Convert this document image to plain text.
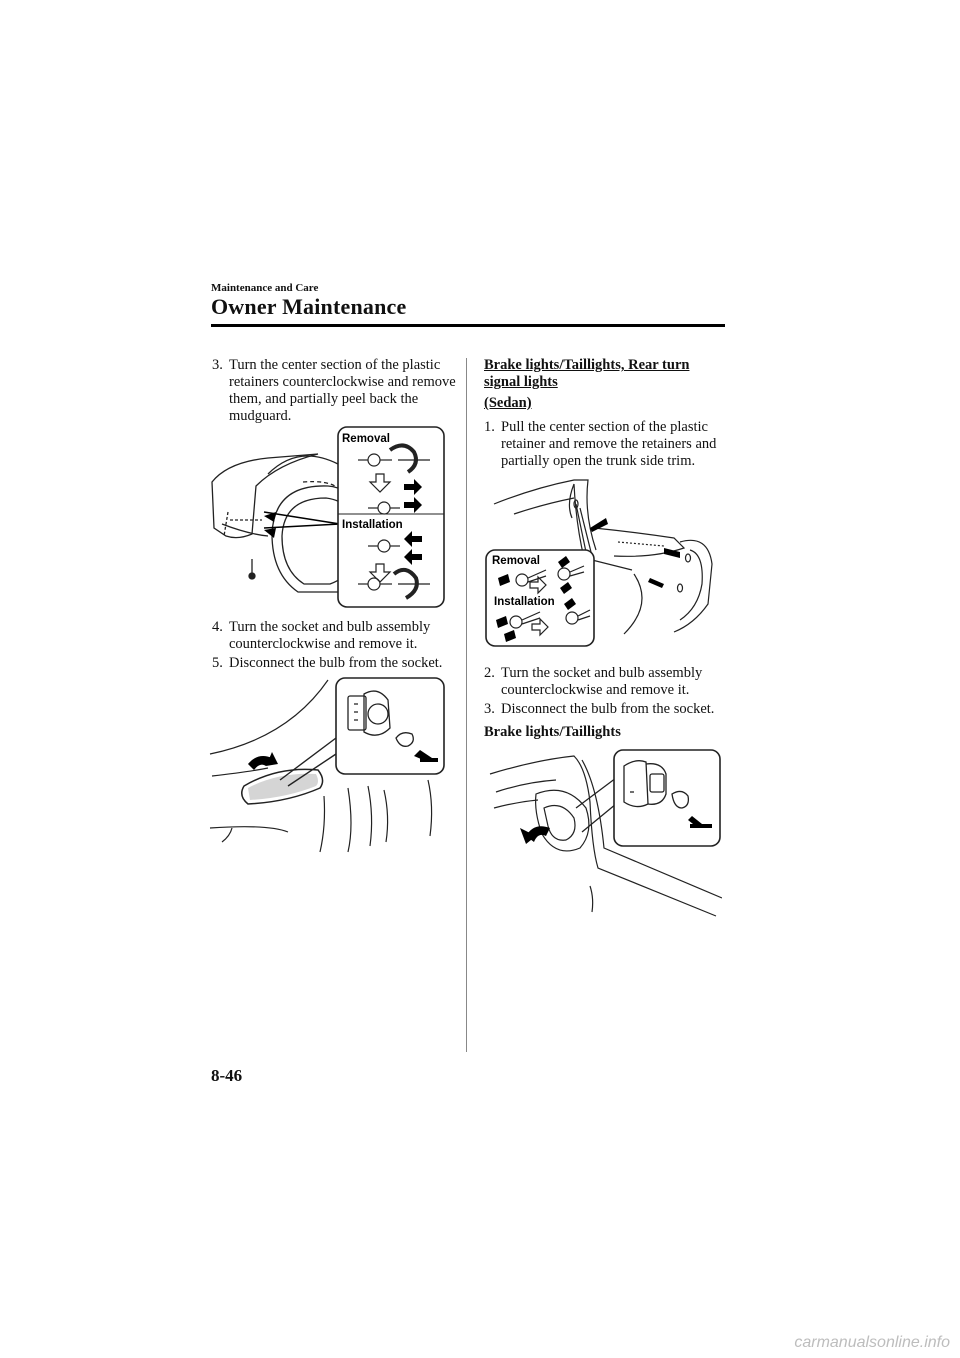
Maintenance and Care
Owner Maintenance
3. Turn the center section of the plastic retainers counterclockwise and remove them, and partially peel back the mudguard.
Removal
Installation
4. Turn the socket and bulb assembly counterclockwise and remove it.
5. Disconnect the bulb from the socket.
Brake lights/Taillights, Rear turn signal lights
(Sedan)
1. Pull the center section of the plastic retainer and remove the retainers and partially open the trunk side trim.
Removal
Installation
2. Turn the socket and bulb assembly counterclockwise and remove it.
3. Disconnect the bulb from the socket.
Brake lights/Taillights
8-46
carmanualsonline.info
